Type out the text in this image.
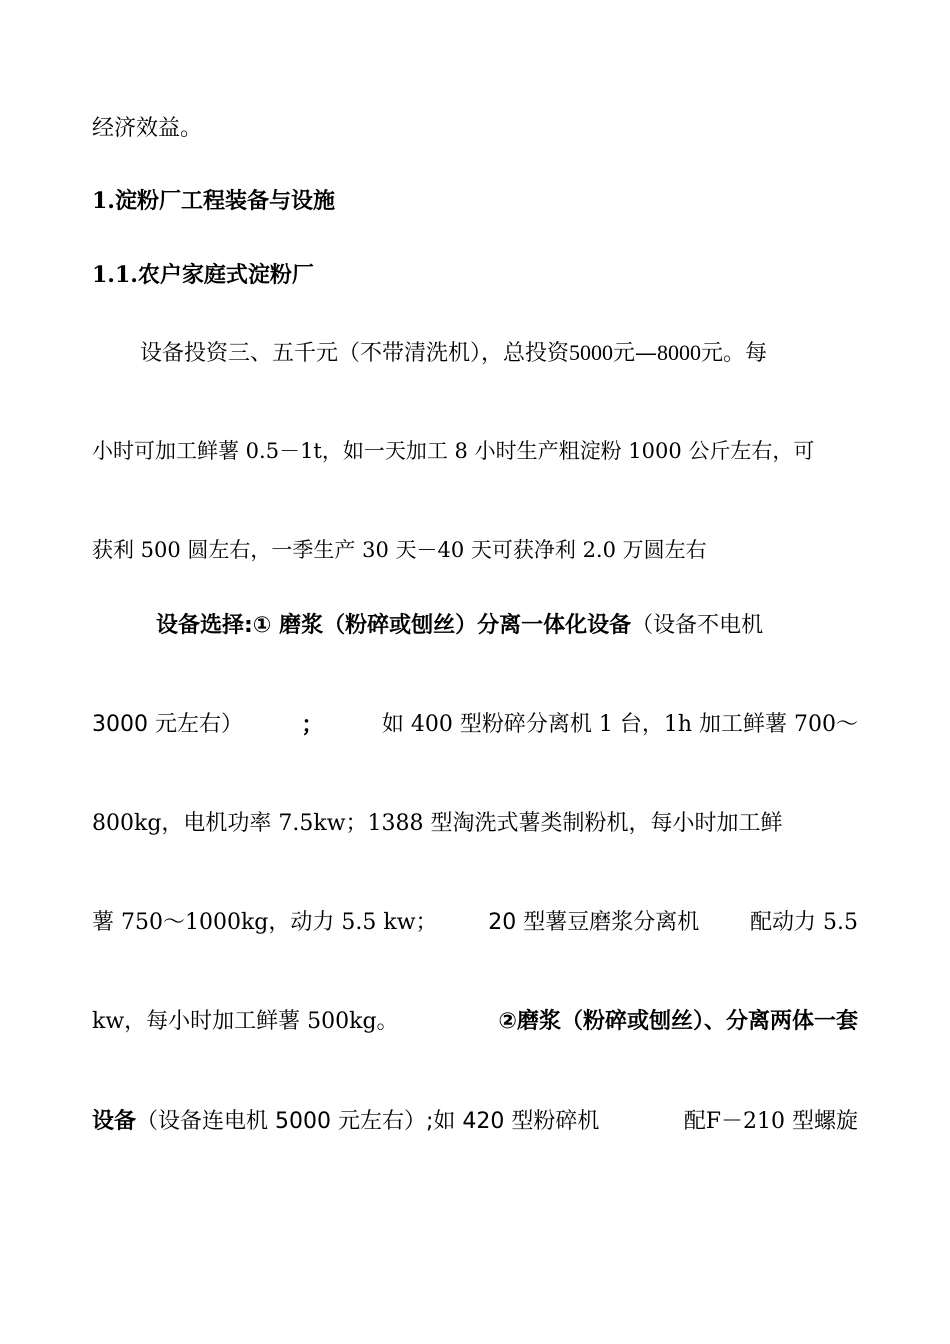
经济效益。
1.淀粉厂工程装备与设施
1.1.农户家庭式淀粉厂
设备投资三、五千元（不带清洗机），总投资5000元—8000元。每
小时可加工鲜薯 0.5－1t，如一天加工 8 小时生产粗淀粉 1000 公斤左右，可
获利 500 圆左右，一季生产 30 天－40 天可获净利 2.0 万圆左右
设备选择:① 磨浆（粉碎或刨丝）分离一体化设备（设备不电机
3000 元左右）	；	如 400 型粉碎分离机 1 台，1h 加工鲜薯 700～
800kg，电机功率 7.5kw；1388 型淘洗式薯类制粉机，每小时加工鲜
薯 750～1000kg，动力 5.5 kw； 20 型薯豆磨浆分离机 配动力 5.5
kw，每小时加工鲜薯 500kg。	②磨浆（粉碎或刨丝）、分离两体一套
设备（设备连电机 5000 元左右）;如 420 型粉碎机	配F－210 型螺旋
